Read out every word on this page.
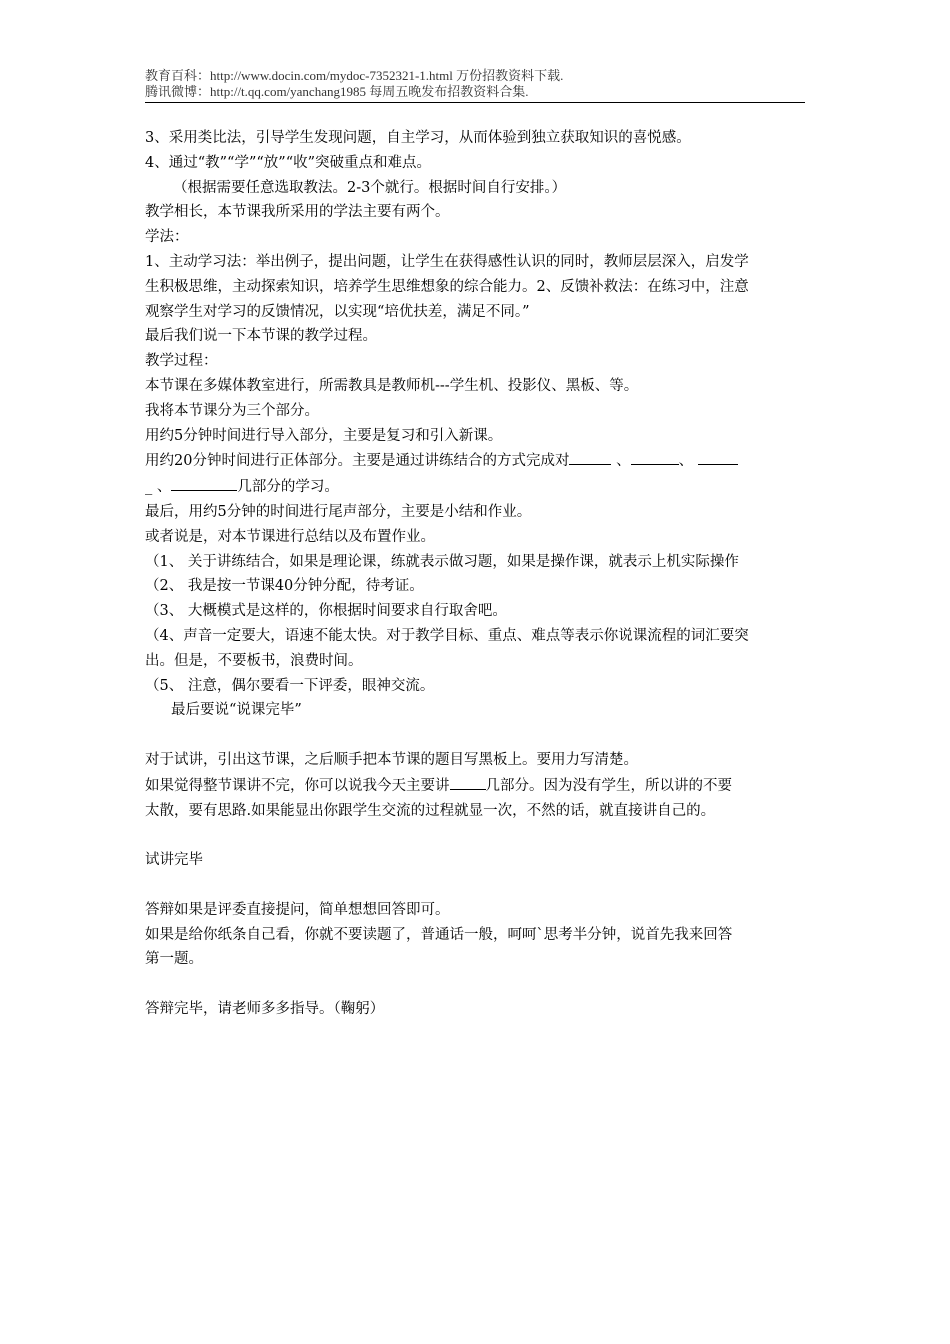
教育百科：http://www.docin.com/mydoc-7352321-1.html 万份招教资料下载.
腾讯微博：http://t.qq.com/yanchang1985 每周五晚发布招教资料合集.

3、采用类比法，引导学生发现问题，自主学习，从而体验到独立获取知识的喜悦感。

4、通过“教”“学”“放”“收”突破重点和难点。

（根据需要任意选取教法。2-3个就行。根据时间自行安排。）

教学相长，本节课我所采用的学法主要有两个。

学法：

1、主动学习法：举出例子，提出问题，让学生在获得感性认识的同时，教师层层深入，启发学

生积极思维，主动探索知识，培养学生思维想象的综合能力。2、反馈补救法：在练习中，注意

观察学生对学习的反馈情况，以实现“培优扶差，满足不同。”

最后我们说一下本节课的教学过程。

教学过程：

本节课在多媒体教室进行，所需教具是教师机---学生机、投影仪、黑板、等。

我将本节课分为三个部分。

用约5分钟时间进行导入部分，主要是复习和引入新课。

用约20分钟时间进行正体部分。主要是通过讲练结合的方式完成对	、	、

_ 、	几部分的学习。

最后，用约5分钟的时间进行尾声部分，主要是小结和作业。

或者说是，对本节课进行总结以及布置作业。

（1、 关于讲练结合，如果是理论课，练就表示做习题，如果是操作课，就表示上机实际操作

（2、 我是按一节课40分钟分配，待考证。

（3、 大概模式是这样的，你根据时间要求自行取舍吧。

（4、声音一定要大，语速不能太快。对于教学目标、重点、难点等表示你说课流程的词汇要突

出。但是，不要板书，浪费时间。

（5、 注意，偶尔要看一下评委，眼神交流。

最后要说“说课完毕”

对于试讲，引出这节课，之后顺手把本节课的题目写黑板上。要用力写清楚。

如果觉得整节课讲不完，你可以说我今天主要讲 几部分。因为没有学生，所以讲的不要

太散，要有思路.如果能显出你跟学生交流的过程就显一次，不然的话，就直接讲自己的。

试讲完毕

答辩如果是评委直接提问，简单想想回答即可。

如果是给你纸条自己看，你就不要读题了，普通话一般，呵呵`思考半分钟，说首先我来回答

第一题。

答辩完毕，请老师多多指导。（鞠躬）
